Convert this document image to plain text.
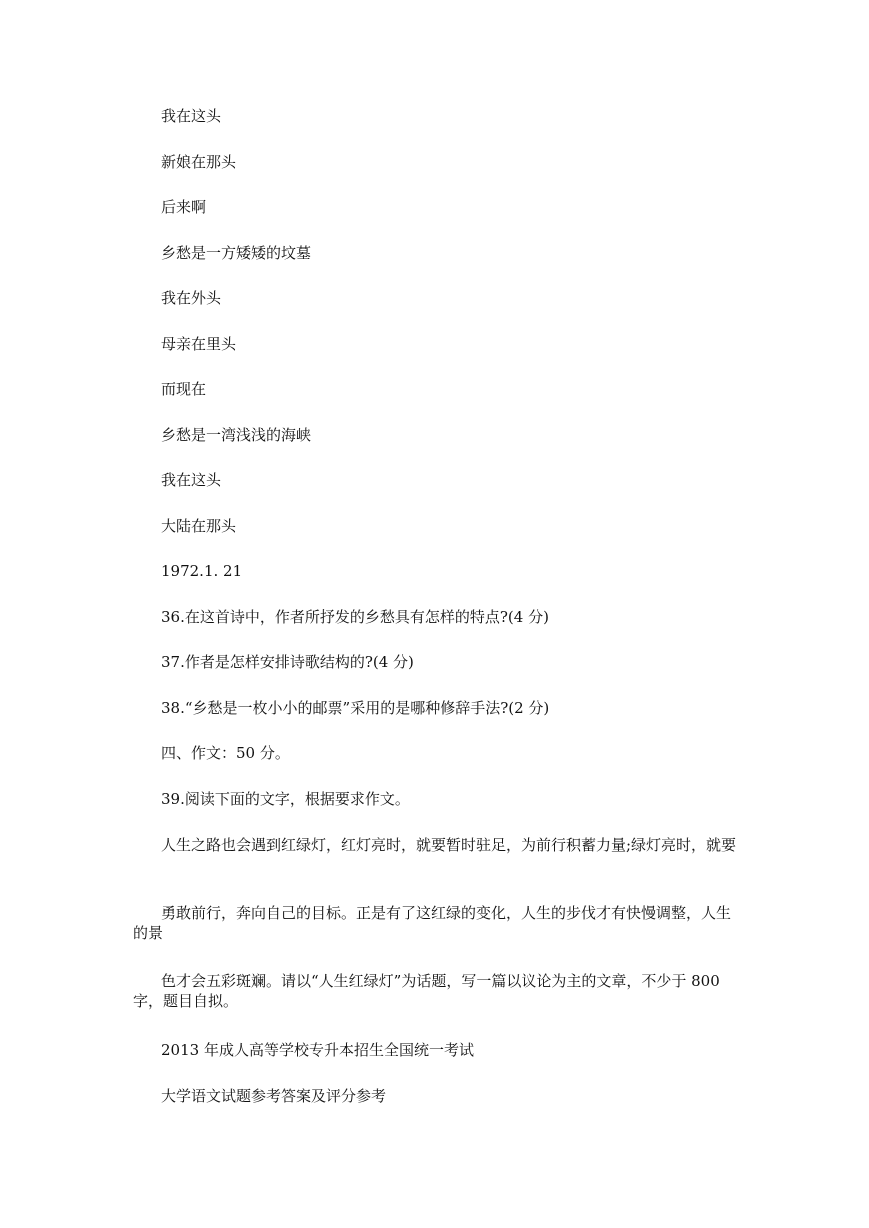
我在这头

新娘在那头

后来啊

乡愁是一方矮矮的坟墓

我在外头

母亲在里头

而现在

乡愁是一湾浅浅的海峡

我在这头

大陆在那头

1972.1. 21

36.在这首诗中，作者所抒发的乡愁具有怎样的特点?(4 分)

37.作者是怎样安排诗歌结构的?(4 分)

38.“乡愁是一枚小小的邮票”采用的是哪种修辞手法?(2 分)

四、作文：50 分。

39.阅读下面的文字，根据要求作文。

人生之路也会遇到红绿灯，红灯亮时，就要暂时驻足，为前行积蓄力量;绿灯亮时，就要

勇敢前行，奔向自己的目标。正是有了这红绿的变化，人生的步伐才有快慢调整，人生的景

色才会五彩斑斓。请以“人生红绿灯”为话题，写一篇以议论为主的文章，不少于 800 字，题目自拟。

2013 年成人高等学校专升本招生全国统一考试

大学语文试题参考答案及评分参考
